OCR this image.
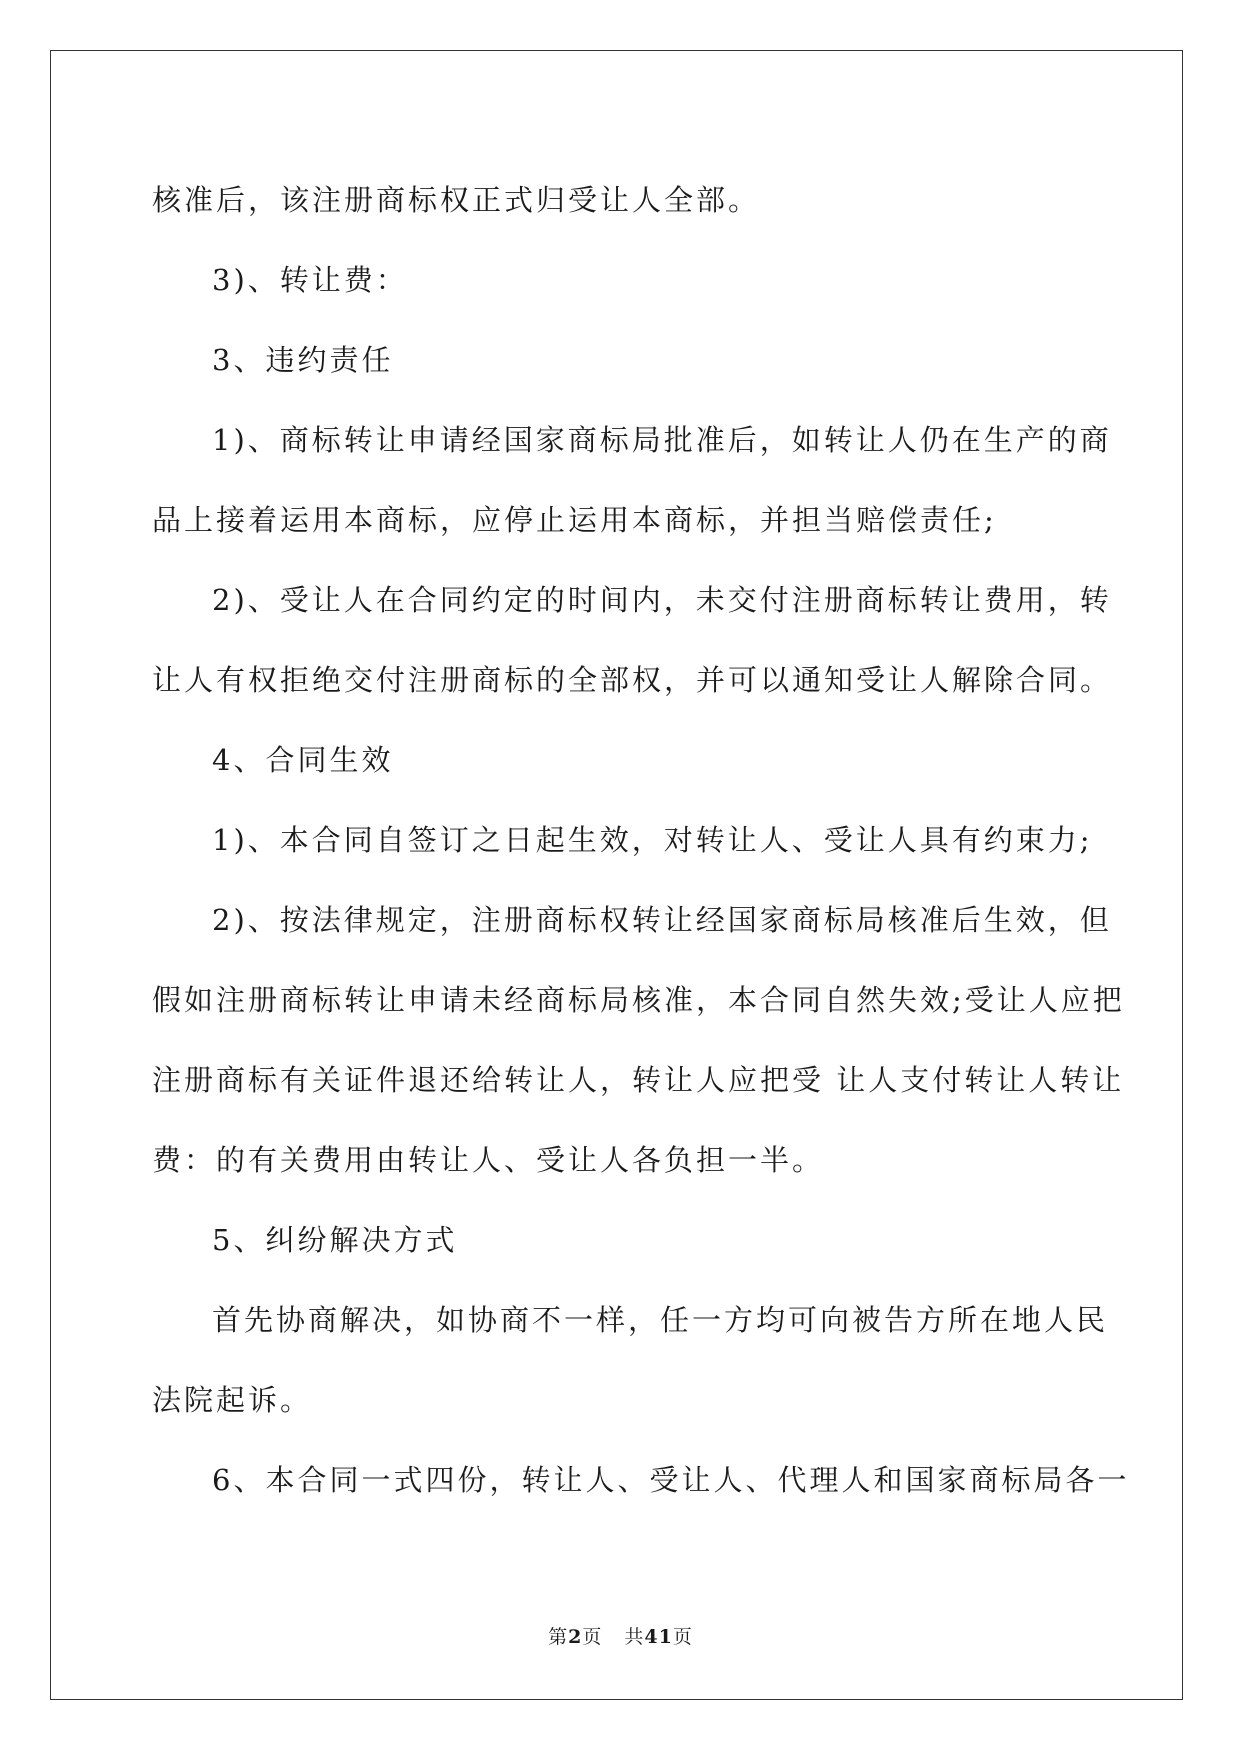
核准后，该注册商标权正式归受让人全部。

3)、转让费：

3、违约责任

1)、商标转让申请经国家商标局批准后，如转让人仍在生产的商

品上接着运用本商标，应停止运用本商标，并担当赔偿责任;

2)、受让人在合同约定的时间内，未交付注册商标转让费用，转

让人有权拒绝交付注册商标的全部权，并可以通知受让人解除合同。

4、合同生效

1)、本合同自签订之日起生效，对转让人、受让人具有约束力;

2)、按法律规定，注册商标权转让经国家商标局核准后生效，但

假如注册商标转让申请未经商标局核准，本合同自然失效;受让人应把

注册商标有关证件退还给转让人，转让人应把受 让人支付转让人转让

费：的有关费用由转让人、受让人各负担一半。

5、纠纷解决方式

首先协商解决，如协商不一样，任一方均可向被告方所在地人民

法院起诉。

6、本合同一式四份，转让人、受让人、代理人和国家商标局各一

第2页 共41页
